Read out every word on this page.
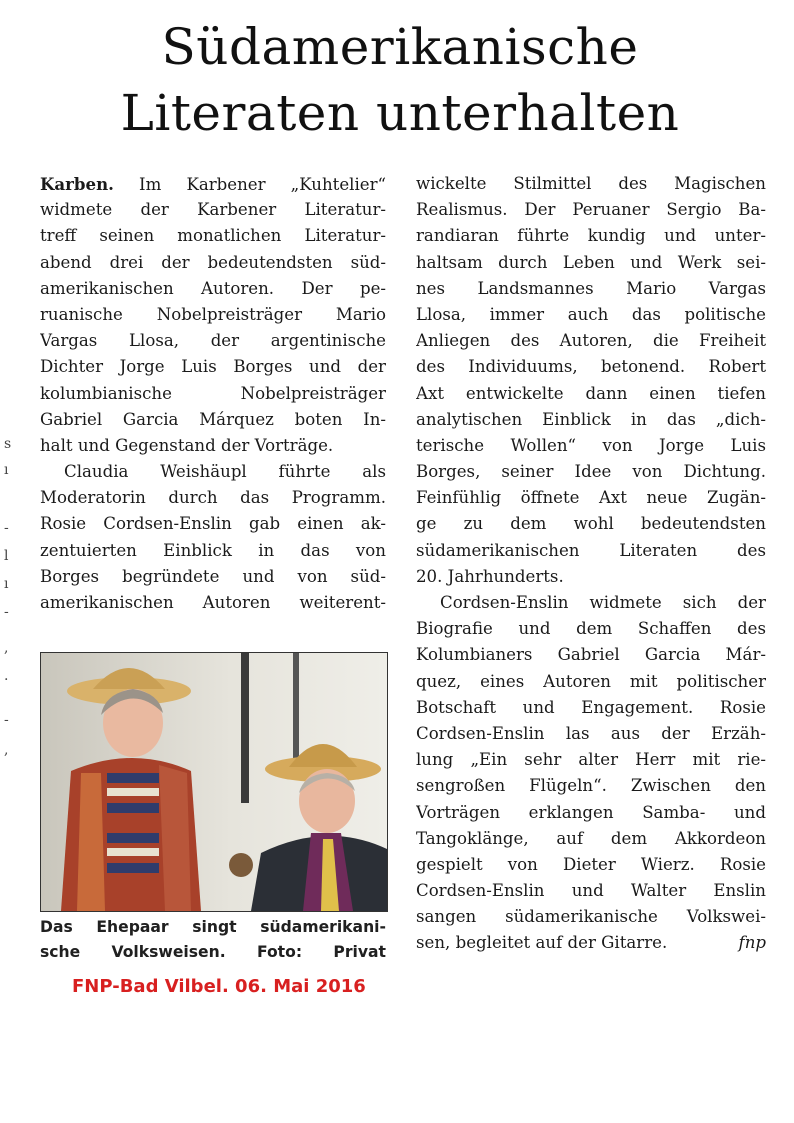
Südamerikanische
Literaten unterhalten
Karben. Im Karbener „Kuhtelier“
widmete der Karbener Literatur-
treff seinen monatlichen Literatur-
abend drei der bedeutendsten süd-
amerikanischen Autoren. Der pe-
ruanische Nobelpreisträger Mario
Vargas Llosa, der argentinische
Dichter Jorge Luis Borges und der
kolumbianische Nobelpreisträger
Gabriel Garcia Márquez boten In-
halt und Gegenstand der Vorträge.
Claudia Weishäupl führte als
Moderatorin durch das Programm.
Rosie Cordsen-Enslin gab einen ak-
zentuierten Einblick in das von
Borges begründete und von süd-
amerikanischen Autoren weiterent-
wickelte Stilmittel des Magischen
Realismus. Der Peruaner Sergio Ba-
randiaran führte kundig und unter-
haltsam durch Leben und Werk sei-
nes Landsmannes Mario Vargas
Llosa, immer auch das politische
Anliegen des Autoren, die Freiheit
des Individuums, betonend. Robert
Axt entwickelte dann einen tiefen
analytischen Einblick in das „dich-
terische Wollen“ von Jorge Luis
Borges, seiner Idee von Dichtung.
Feinfühlig öffnete Axt neue Zugän-
ge zu dem wohl bedeutendsten
südamerikanischen Literaten des
20. Jahrhunderts.
Cordsen-Enslin widmete sich der
Biografie und dem Schaffen des
Kolumbianers Gabriel Garcia Már-
quez, eines Autoren mit politischer
Botschaft und Engagement. Rosie
Cordsen-Enslin las aus der Erzäh-
lung „Ein sehr alter Herr mit rie-
sengroßen Flügeln“. Zwischen den
Vorträgen erklangen Samba- und
Tangoklänge, auf dem Akkordeon
gespielt von Dieter Wierz. Rosie
Cordsen-Enslin und Walter Enslin
sangen südamerikanische Volkswei-
sen, begleitet auf der Gitarre.	fnp
Das Ehepaar singt südamerikani-
sche Volksweisen. Foto: Privat
FNP-Bad Vilbel. 06. Mai 2016
s
ı
-
l
ı
-
,
.
-
,
